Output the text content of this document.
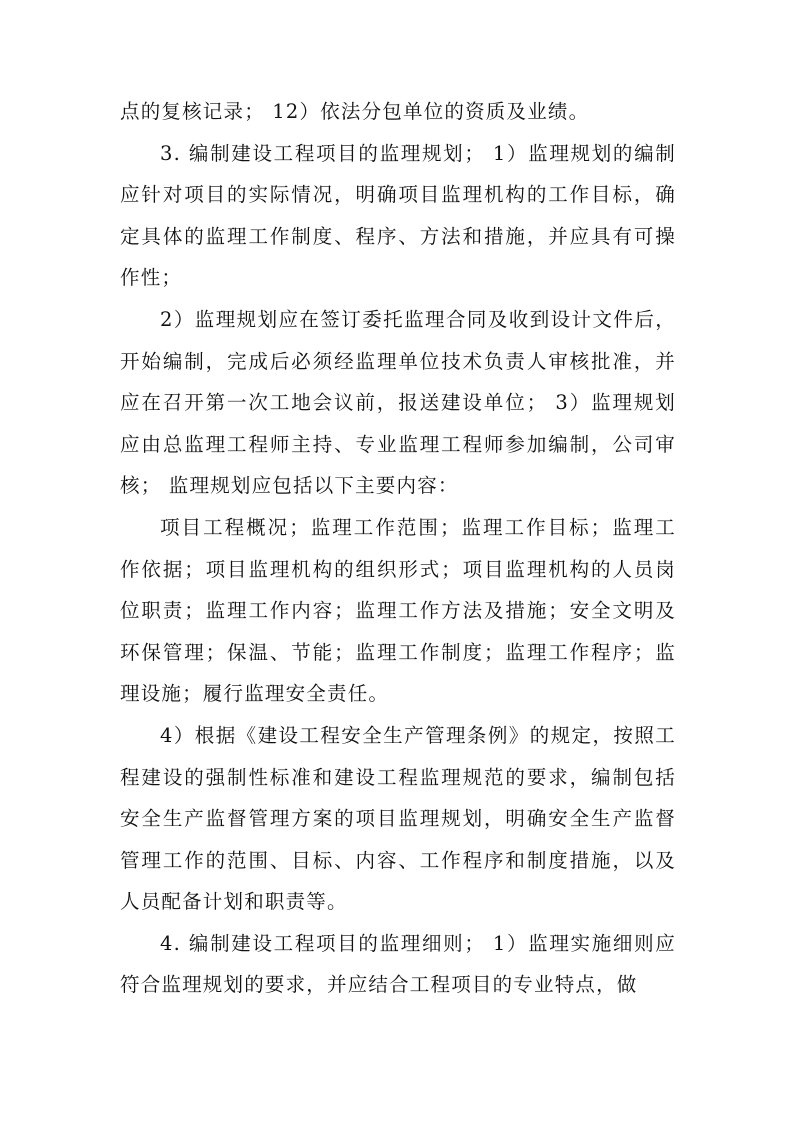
点的复核记录； 12）依法分包单位的资质及业绩。

3. 编制建设工程项目的监理规划； 1）监理规划的编制应针对项目的实际情况，明确项目监理机构的工作目标，确定具体的监理工作制度、程序、方法和措施，并应具有可操作性；

2）监理规划应在签订委托监理合同及收到设计文件后，开始编制，完成后必须经监理单位技术负责人审核批准，并应在召开第一次工地会议前，报送建设单位； 3）监理规划应由总监理工程师主持、专业监理工程师参加编制，公司审核； 监理规划应包括以下主要内容：

项目工程概况；监理工作范围；监理工作目标；监理工作依据；项目监理机构的组织形式；项目监理机构的人员岗位职责；监理工作内容；监理工作方法及措施；安全文明及环保管理；保温、节能；监理工作制度；监理工作程序；监理设施；履行监理安全责任。

4）根据《建设工程安全生产管理条例》的规定，按照工程建设的强制性标准和建设工程监理规范的要求，编制包括安全生产监督管理方案的项目监理规划，明确安全生产监督管理工作的范围、目标、内容、工作程序和制度措施，以及人员配备计划和职责等。

4. 编制建设工程项目的监理细则； 1）监理实施细则应符合监理规划的要求，并应结合工程项目的专业特点，做
